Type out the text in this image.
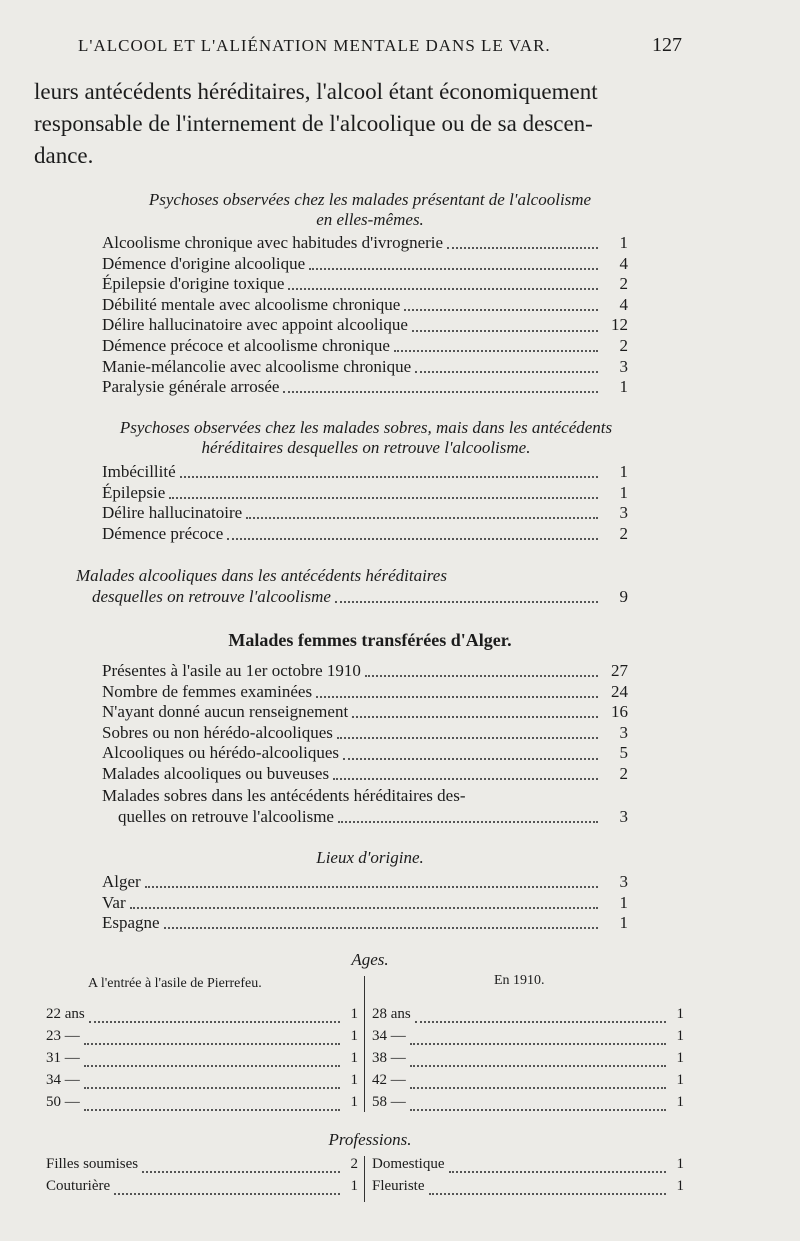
L'ALCOOL ET L'ALIÉNATION MENTALE DANS LE VAR.	127
leurs antécédents héréditaires, l'alcool étant économiquement
responsable de l'internement de l'alcoolique ou de sa descen-
dance.
Psychoses observées chez les malades présentant de l'alcoolisme
en elles-mêmes.
Alcoolisme chronique avec habitudes d'ivrognerie	1
Démence d'origine alcoolique	4
Épilepsie d'origine toxique	2
Débilité mentale avec alcoolisme chronique	4
Délire hallucinatoire avec appoint alcoolique	12
Démence précoce et alcoolisme chronique	2
Manie-mélancolie avec alcoolisme chronique	3
Paralysie générale arrosée	1
Psychoses observées chez les malades sobres, mais dans les antécédents
héréditaires desquelles on retrouve l'alcoolisme.
Imbécillité	1
Épilepsie	1
Délire hallucinatoire	3
Démence précoce	2
Malades alcooliques dans les antécédents héréditaires
desquelles on retrouve l'alcoolisme	9
Malades femmes transférées d'Alger.
Présentes à l'asile au 1er octobre 1910	27
Nombre de femmes examinées	24
N'ayant donné aucun renseignement	16
Sobres ou non hérédo-alcooliques	3
Alcooliques ou hérédo-alcooliques	5
Malades alcooliques ou buveuses	2
Malades sobres dans les antécédents héréditaires des-
quelles on retrouve l'alcoolisme	3
Lieux d'origine.
Alger	3
Var	1
Espagne	1
Ages.
A l'entrée à l'asile de Pierrefeu.	En 1910.
22 ans	1
23 —	1
31 —	1
34 —	1
50 —	1
28 ans	1
34 —	1
38 —	1
42 —	1
58 —	1
Professions.
Filles soumises	2
Couturière	1
Domestique	1
Fleuriste	1
